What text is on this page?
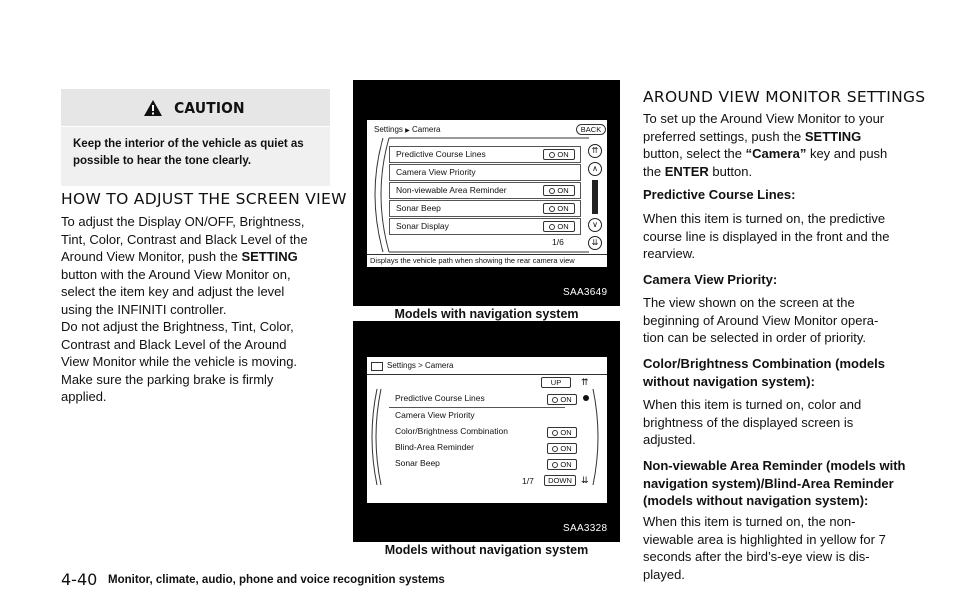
CAUTION
Keep the interior of the vehicle as quiet as
possible to hear the tone clearly.
HOW TO ADJUST THE SCREEN VIEW
To adjust the Display ON/OFF, Brightness,
Tint, Color, Contrast and Black Level of the
Around View Monitor, push the SETTING
button with the Around View Monitor on,
select the item key and adjust the level
using the INFINITI controller.
Do not adjust the Brightness, Tint, Color,
Contrast and Black Level of the Around
View Monitor while the vehicle is moving.
Make sure the parking brake is firmly
applied.
Settings ▶ Camera	BACK
Predictive Course Lines	ON
Camera View Priority
Non-viewable Area Reminder	ON
Sonar Beep	ON
Sonar Display	ON
1/6
⇈
∧
∨
⇊
Displays the vehicle path when showing the rear camera view
SAA3649
Models with navigation system
Settings > Camera
UP	⇈
Predictive Course Lines	ON
Camera View Priority
Color/Brightness Combination	ON
Blind-Area Reminder	ON
Sonar Beep	ON
1/7	DOWN	⇊
SAA3328
Models without navigation system
AROUND VIEW MONITOR SETTINGS
To set up the Around View Monitor to your
preferred settings, push the SETTING
button, select the “Camera” key and push
the ENTER button.
Predictive Course Lines:
When this item is turned on, the predictive
course line is displayed in the front and the
rearview.
Camera View Priority:
The view shown on the screen at the
beginning of Around View Monitor opera-
tion can be selected in order of priority.
Color/Brightness Combination (models
without navigation system):
When this item is turned on, color and
brightness of the displayed screen is
adjusted.
Non-viewable Area Reminder (models with
navigation system)/Blind-Area Reminder
(models without navigation system):
When this item is turned on, the non-
viewable area is highlighted in yellow for 7
seconds after the bird’s-eye view is dis-
played.
4-40 Monitor, climate, audio, phone and voice recognition systems
